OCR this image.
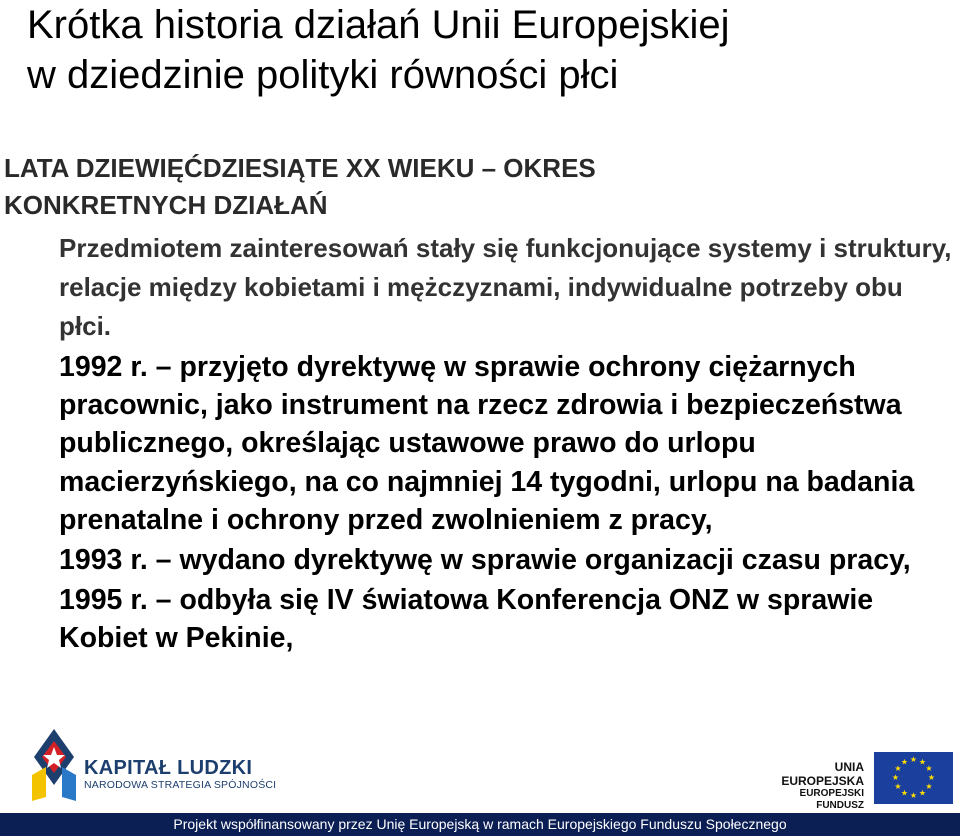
Krótka historia działań Unii Europejskiej
w dziedzinie polityki równości płci
LATA DZIEWIĘĆDZIESIĄTE XX WIEKU – OKRES
KONKRETNYCH DZIAŁAŃ
Przedmiotem zainteresowań stały się funkcjonujące systemy i struktury, relacje między kobietami i mężczyznami, indywidualne potrzeby obu płci.
1992 r. – przyjęto dyrektywę w sprawie ochrony ciężarnych pracownic, jako instrument na rzecz zdrowia i bezpieczeństwa publicznego, określając ustawowe prawo do urlopu macierzyńskiego, na co najmniej 14 tygodni, urlopu na badania prenatalne i ochrony przed zwolnieniem z pracy,
1993 r. – wydano dyrektywę w sprawie organizacji czasu pracy,
1995 r. – odbyła się IV światowa Konferencja ONZ w sprawie Kobiet w Pekinie,
KAPITAŁ LUDZKI
NARODOWA STRATEGIA SPÓJNOŚCI
UNIA EUROPEJSKA
EUROPEJSKI
FUNDUSZ
★ ★
★
★
★
★
★
★
★
★
★
★
Projekt współfinansowany przez Unię Europejską w ramach Europejskiego Funduszu Społecznego
